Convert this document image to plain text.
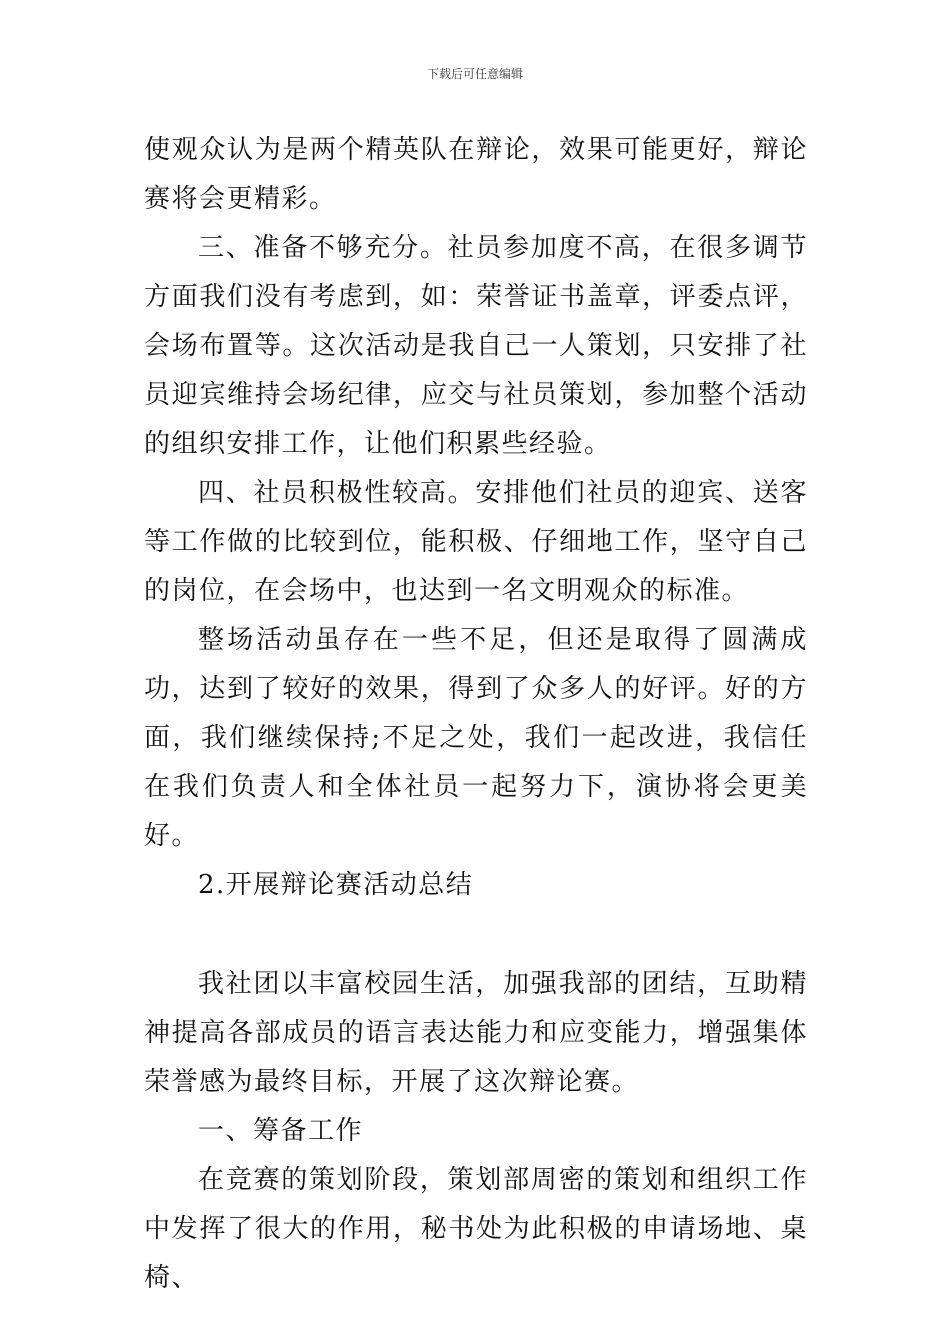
下载后可任意编辑

使观众认为是两个精英队在辩论，效果可能更好，辩论赛将会更精彩。

三、准备不够充分。社员参加度不高，在很多调节方面我们没有考虑到，如：荣誉证书盖章，评委点评，会场布置等。这次活动是我自己一人策划，只安排了社员迎宾维持会场纪律，应交与社员策划，参加整个活动的组织安排工作，让他们积累些经验。

四、社员积极性较高。安排他们社员的迎宾、送客等工作做的比较到位，能积极、仔细地工作，坚守自己的岗位，在会场中，也达到一名文明观众的标准。

整场活动虽存在一些不足，但还是取得了圆满成功，达到了较好的效果，得到了众多人的好评。好的方面，我们继续保持;不足之处，我们一起改进，我信任在我们负责人和全体社员一起努力下，演协将会更美好。

2.开展辩论赛活动总结

我社团以丰富校园生活，加强我部的团结，互助精神提高各部成员的语言表达能力和应变能力，增强集体荣誉感为最终目标，开展了这次辩论赛。

一、筹备工作

在竞赛的策划阶段，策划部周密的策划和组织工作中发挥了很大的作用，秘书处为此积极的申请场地、桌椅、
